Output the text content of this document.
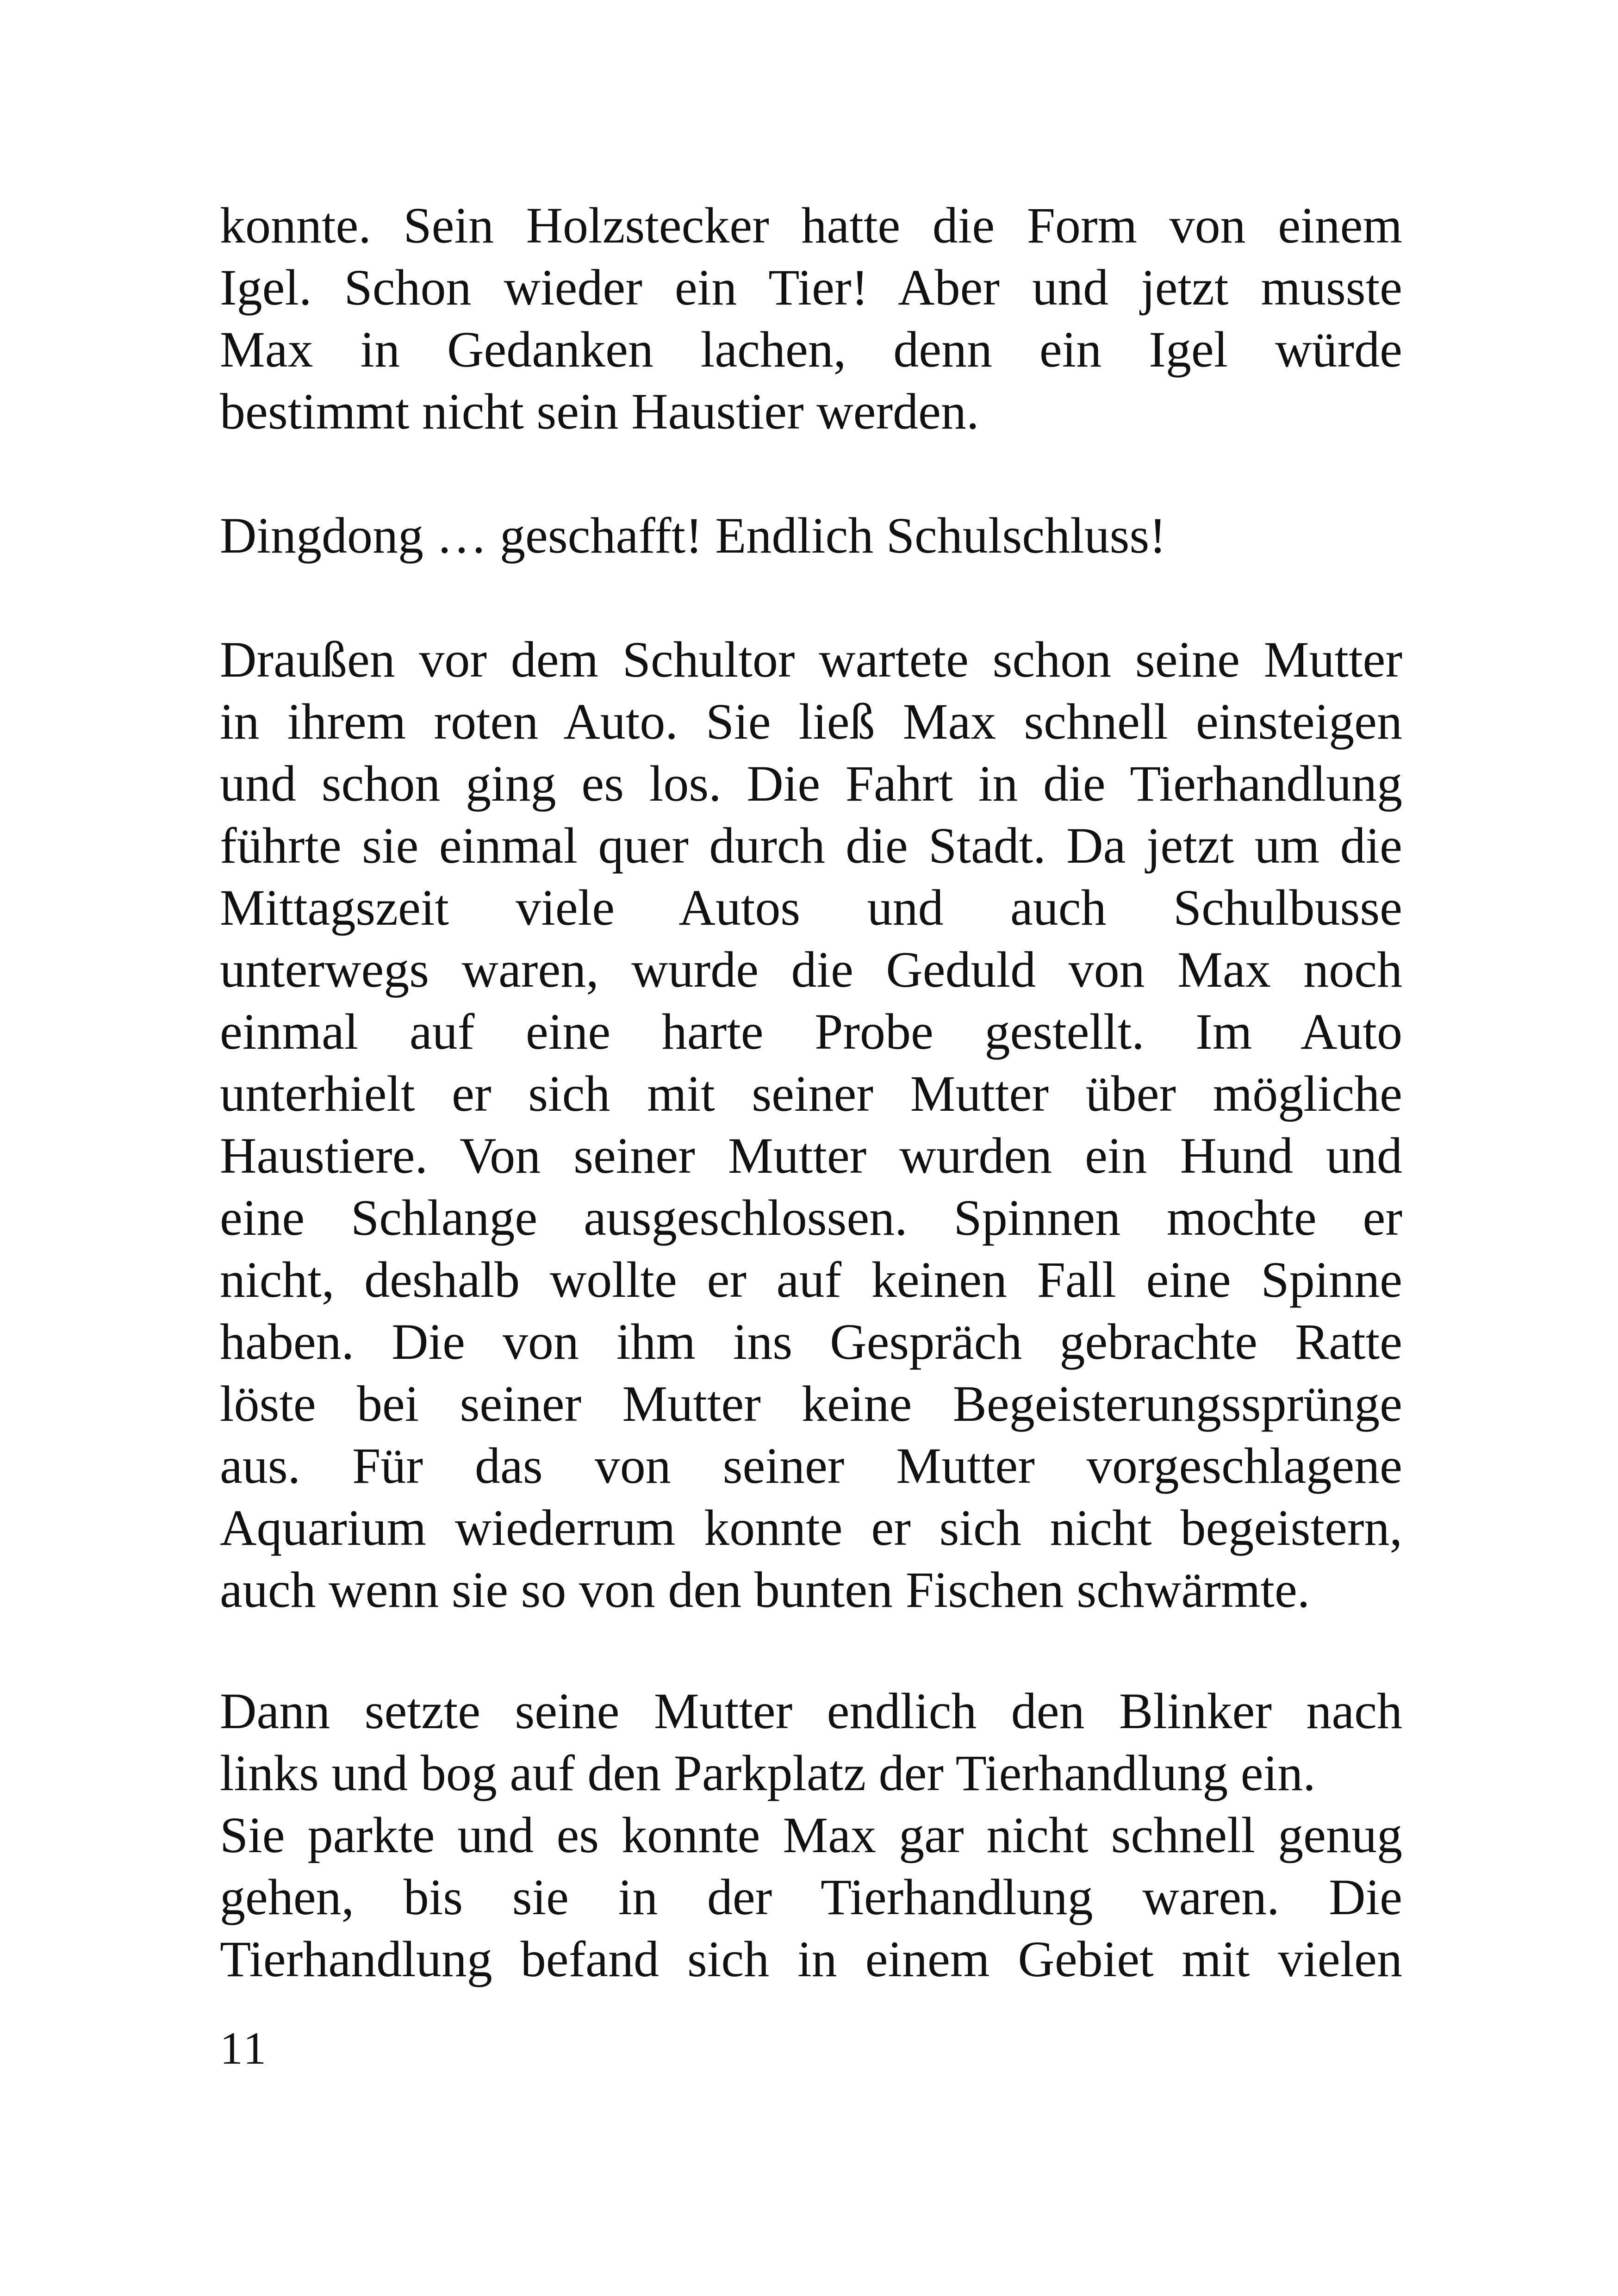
konnte. Sein Holzstecker hatte die Form von einem
Igel. Schon wieder ein Tier! Aber und jetzt musste
Max in Gedanken lachen, denn ein Igel würde
bestimmt nicht sein Haustier werden.
Dingdong … geschafft! Endlich Schulschluss!
Draußen vor dem Schultor wartete schon seine Mutter
in ihrem roten Auto. Sie ließ Max schnell einsteigen
und schon ging es los. Die Fahrt in die Tierhandlung
führte sie einmal quer durch die Stadt. Da jetzt um die
Mittagszeit viele Autos und auch Schulbusse
unterwegs waren, wurde die Geduld von Max noch
einmal auf eine harte Probe gestellt. Im Auto
unterhielt er sich mit seiner Mutter über mögliche
Haustiere. Von seiner Mutter wurden ein Hund und
eine Schlange ausgeschlossen. Spinnen mochte er
nicht, deshalb wollte er auf keinen Fall eine Spinne
haben. Die von ihm ins Gespräch gebrachte Ratte
löste bei seiner Mutter keine Begeisterungssprünge
aus. Für das von seiner Mutter vorgeschlagene
Aquarium wiederrum konnte er sich nicht begeistern,
auch wenn sie so von den bunten Fischen schwärmte.
Dann setzte seine Mutter endlich den Blinker nach
links und bog auf den Parkplatz der Tierhandlung ein.
Sie parkte und es konnte Max gar nicht schnell genug
gehen, bis sie in der Tierhandlung waren. Die
Tierhandlung befand sich in einem Gebiet mit vielen
11
